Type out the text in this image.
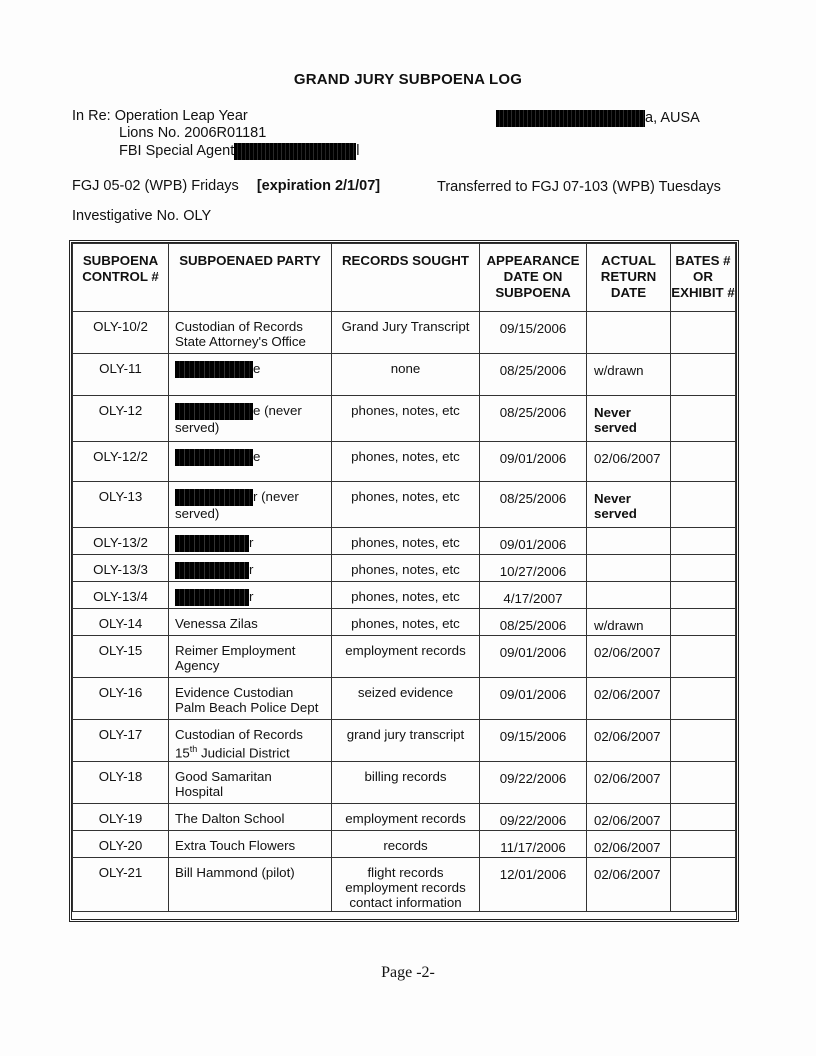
GRAND JURY SUBPOENA LOG
In Re: Operation Leap Year
Lions No. 2006R01181
FBI Special Agent	l
a, AUSA
FGJ 05-02 (WPB) Fridays [expiration 2/1/07]	Transferred to FGJ 07-103 (WPB) Tuesdays
Investigative No. OLY
SUBPOENA CONTROL #	SUBPOENAED PARTY	RECORDS SOUGHT	APPEARANCE DATE ON SUBPOENA	ACTUAL RETURN DATE	BATES # OR EXHIBIT #
OLY-10/2	Custodian of Records
State Attorney's Office	Grand Jury Transcript	09/15/2006		
OLY-11	e	none	08/25/2006	w/drawn	
OLY-12	e (never
served)	phones, notes, etc	08/25/2006	Never served	
OLY-12/2	e	phones, notes, etc	09/01/2006	02/06/2007	
OLY-13	r (never
served)	phones, notes, etc	08/25/2006	Never served	
OLY-13/2	r	phones, notes, etc	09/01/2006		
OLY-13/3	r	phones, notes, etc	10/27/2006		
OLY-13/4	r	phones, notes, etc	4/17/2007		
OLY-14	Venessa Zilas	phones, notes, etc	08/25/2006	w/drawn	
OLY-15	Reimer Employment
Agency	employment records	09/01/2006	02/06/2007	
OLY-16	Evidence Custodian
Palm Beach Police Dept	seized evidence	09/01/2006	02/06/2007	
OLY-17	Custodian of Records
15th Judicial District	grand jury transcript	09/15/2006	02/06/2007	
OLY-18	Good Samaritan
Hospital	billing records	09/22/2006	02/06/2007	
OLY-19	The Dalton School	employment records	09/22/2006	02/06/2007	
OLY-20	Extra Touch Flowers	records	11/17/2006	02/06/2007	
OLY-21	Bill Hammond (pilot)	flight records
employment records
contact information	12/01/2006	02/06/2007	

Page -2-
